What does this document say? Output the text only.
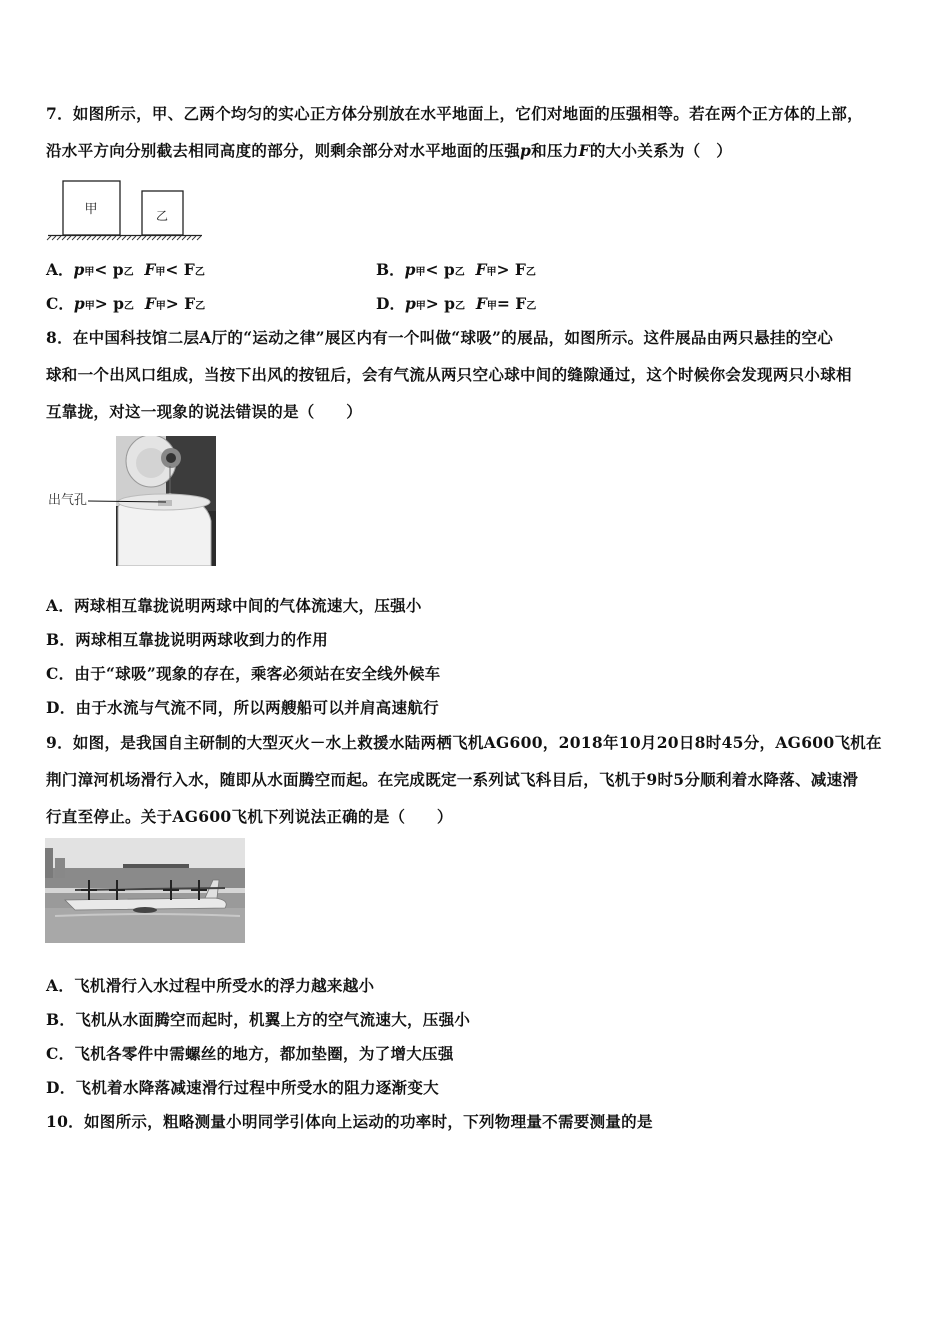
7．如图所示，甲、乙两个均匀的实心正方体分别放在水平地面上，它们对地面的压强相等。若在两个正方体的上部，
沿水平方向分别截去相同高度的部分，则剩余部分对水平地面的压强p和压力F的大小关系为（　）
甲	乙
A．p甲< p乙 F甲< F乙	B．p甲< p乙 F甲> F乙
C．p甲> p乙 F甲> F乙	D．p甲> p乙 F甲= F乙
8．在中国科技馆二层A厅的“运动之律”展区内有一个叫做“球吸”的展品，如图所示。这件展品由两只悬挂的空心
球和一个出风口组成，当按下出风的按钮后，会有气流从两只空心球中间的缝隙通过，这个时候你会发现两只小球相
互靠拢，对这一现象的说法错误的是（　　）
出气孔
A．两球相互靠拢说明两球中间的气体流速大，压强小
B．两球相互靠拢说明两球收到力的作用
C．由于“球吸”现象的存在，乘客必须站在安全线外候车
D．由于水流与气流不同，所以两艘船可以并肩高速航行
9．如图，是我国自主研制的大型灭火－水上救援水陆两栖飞机AG600，2018年10月20日8时45分，AG600飞机在
荆门漳河机场滑行入水，随即从水面腾空而起。在完成既定一系列试飞科目后，飞机于9时5分顺利着水降落、减速滑
行直至停止。关于AG600飞机下列说法正确的是（　　）
A．飞机滑行入水过程中所受水的浮力越来越小
B．飞机从水面腾空而起时，机翼上方的空气流速大，压强小
C．飞机各零件中需螺丝的地方，都加垫圈，为了增大压强
D．飞机着水降落减速滑行过程中所受水的阻力逐渐变大
10．如图所示，粗略测量小明同学引体向上运动的功率时，下列物理量不需要测量的是
